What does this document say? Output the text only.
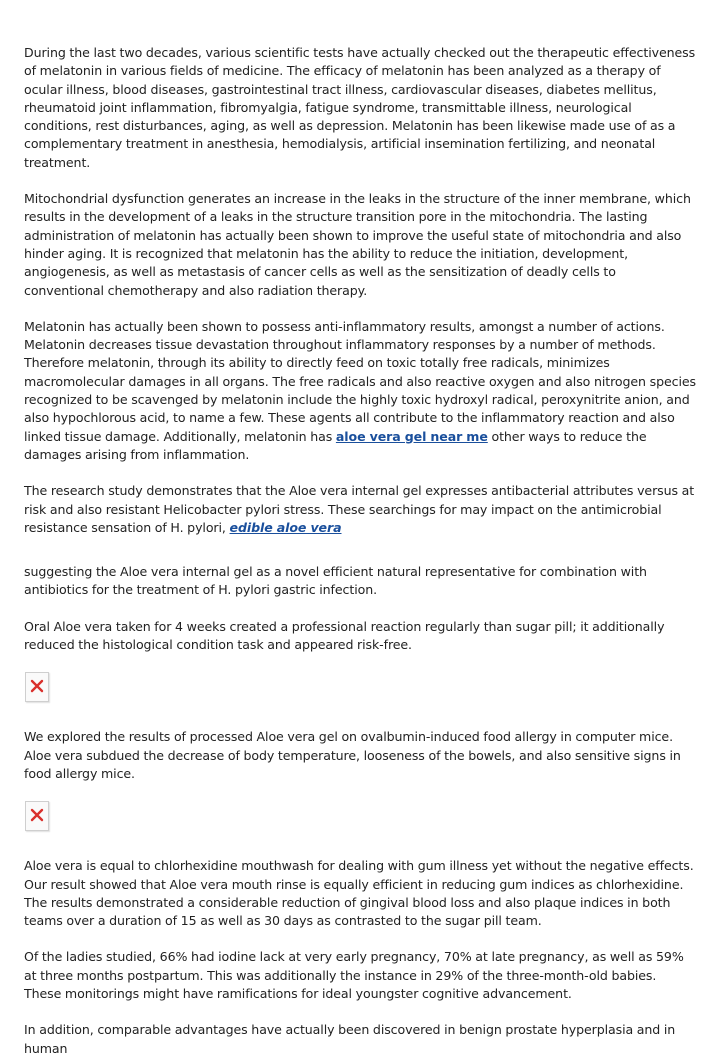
During the last two decades, various scientific tests have actually checked out the therapeutic effectiveness of melatonin in various fields of medicine. The efficacy of melatonin has been analyzed as a therapy of ocular illness, blood diseases, gastrointestinal tract illness, cardiovascular diseases, diabetes mellitus, rheumatoid joint inflammation, fibromyalgia, fatigue syndrome, transmittable illness, neurological conditions, rest disturbances, aging, as well as depression. Melatonin has been likewise made use of as a complementary treatment in anesthesia, hemodialysis, artificial insemination fertilizing, and neonatal treatment.

Mitochondrial dysfunction generates an increase in the leaks in the structure of the inner membrane, which results in the development of a leaks in the structure transition pore in the mitochondria. The lasting administration of melatonin has actually been shown to improve the useful state of mitochondria and also hinder aging. It is recognized that melatonin has the ability to reduce the initiation, development, angiogenesis, as well as metastasis of cancer cells as well as the sensitization of deadly cells to conventional chemotherapy and also radiation therapy.

Melatonin has actually been shown to possess anti-inflammatory results, amongst a number of actions. Melatonin decreases tissue devastation throughout inflammatory responses by a number of methods. Therefore melatonin, through its ability to directly feed on toxic totally free radicals, minimizes macromolecular damages in all organs. The free radicals and also reactive oxygen and also nitrogen species recognized to be scavenged by melatonin include the highly toxic hydroxyl radical, peroxynitrite anion, and also hypochlorous acid, to name a few. These agents all contribute to the inflammatory reaction and also linked tissue damage. Additionally, melatonin has aloe vera gel near me other ways to reduce the damages arising from inflammation.

The research study demonstrates that the Aloe vera internal gel expresses antibacterial attributes versus at risk and also resistant Helicobacter pylori stress. These searchings for may impact on the antimicrobial resistance sensation of H. pylori, edible aloe vera

suggesting the Aloe vera internal gel as a novel efficient natural representative for combination with antibiotics for the treatment of H. pylori gastric infection.

Oral Aloe vera taken for 4 weeks created a professional reaction regularly than sugar pill; it additionally reduced the histological condition task and appeared risk-free.

We explored the results of processed Aloe vera gel on ovalbumin-induced food allergy in computer mice. Aloe vera subdued the decrease of body temperature, looseness of the bowels, and also sensitive signs in food allergy mice.

Aloe vera is equal to chlorhexidine mouthwash for dealing with gum illness yet without the negative effects. Our result showed that Aloe vera mouth rinse is equally efficient in reducing gum indices as chlorhexidine. The results demonstrated a considerable reduction of gingival blood loss and also plaque indices in both teams over a duration of 15 as well as 30 days as contrasted to the sugar pill team.

Of the ladies studied, 66% had iodine lack at very early pregnancy, 70% at late pregnancy, as well as 59% at three months postpartum. This was additionally the instance in 29% of the three-month-old babies. These monitorings might have ramifications for ideal youngster cognitive advancement.

In addition, comparable advantages have actually been discovered in benign prostate hyperplasia and in human
